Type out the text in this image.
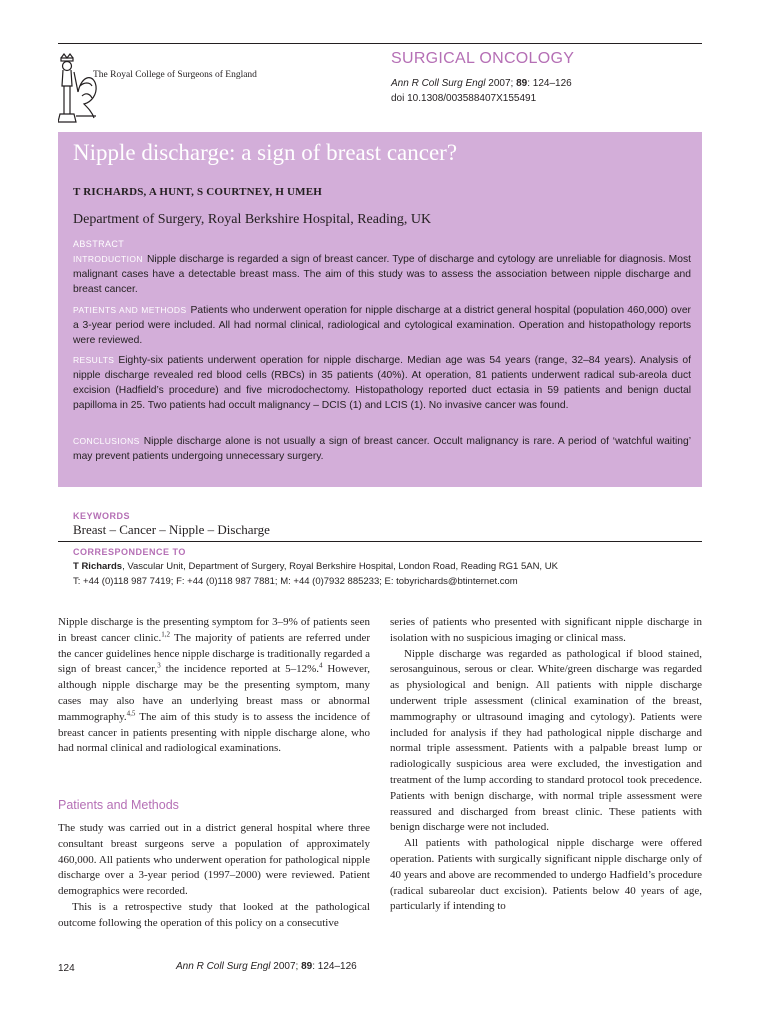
The Royal College of Surgeons of England
SURGICAL ONCOLOGY
Ann R Coll Surg Engl 2007; 89: 124–126
doi 10.1308/003588407X155491
Nipple discharge: a sign of breast cancer?
T RICHARDS, A HUNT, S COURTNEY, H UMEH
Department of Surgery, Royal Berkshire Hospital, Reading, UK
ABSTRACT
INTRODUCTION Nipple discharge is regarded a sign of breast cancer. Type of discharge and cytology are unreliable for diagnosis. Most malignant cases have a detectable breast mass. The aim of this study was to assess the association between nipple discharge and breast cancer.
PATIENTS AND METHODS Patients who underwent operation for nipple discharge at a district general hospital (population 460,000) over a 3-year period were included. All had normal clinical, radiological and cytological examination. Operation and histopathology reports were reviewed.
RESULTS Eighty-six patients underwent operation for nipple discharge. Median age was 54 years (range, 32–84 years). Analysis of nipple discharge revealed red blood cells (RBCs) in 35 patients (40%). At operation, 81 patients underwent radical sub-areola duct excision (Hadfield’s procedure) and five microdochectomy. Histopathology reported duct ectasia in 59 patients and benign ductal papilloma in 25. Two patients had occult malignancy – DCIS (1) and LCIS (1). No invasive cancer was found.
CONCLUSIONS Nipple discharge alone is not usually a sign of breast cancer. Occult malignancy is rare. A period of ‘watchful waiting’ may prevent patients undergoing unnecessary surgery.
KEYWORDS
Breast – Cancer – Nipple – Discharge
CORRESPONDENCE TO
T Richards, Vascular Unit, Department of Surgery, Royal Berkshire Hospital, London Road, Reading RG1 5AN, UK
T: +44 (0)118 987 7419; F: +44 (0)118 987 7881; M: +44 (0)7932 885233; E: tobyrichards@btinternet.com

Nipple discharge is the presenting symptom for 3–9% of patients seen in breast cancer clinic.$^{1,2}$ The majority of patients are referred under the cancer guidelines hence nipple discharge is traditionally regarded a sign of breast cancer,$^3$ the incidence reported at 5–12%.$^4$ However, although nipple discharge may be the presenting symptom, many cases may also have an underlying breast mass or abnormal mammography.$^{4,5}$ The aim of this study is to assess the incidence of breast cancer in patients presenting with nipple discharge alone, who had normal clinical and radiological examinations.

Patients and Methods

The study was carried out in a district general hospital where three consultant breast surgeons serve a population of approximately 460,000. All patients who underwent operation for pathological nipple discharge over a 3-year period (1997–2000) were reviewed. Patient demographics were recorded.

This is a retrospective study that looked at the pathological outcome following the operation of this policy on a consecutive

series of patients who presented with significant nipple discharge in isolation with no suspicious imaging or clinical mass.

Nipple discharge was regarded as pathological if blood stained, serosanguinous, serous or clear. White/green discharge was regarded as physiological and benign. All patients with nipple discharge underwent triple assessment (clinical examination of the breast, mammography or ultrasound imaging and cytology). Patients were included for analysis if they had pathological nipple discharge and normal triple assessment. Patients with a palpable breast lump or radiologically suspicious area were excluded, the investigation and treatment of the lump according to standard protocol took precedence. Patients with benign discharge, with normal triple assessment were reassured and discharged from breast clinic. These patients with benign discharge were not included.

All patients with pathological nipple discharge were offered operation. Patients with surgically significant nipple discharge only of 40 years and above are recommended to undergo Hadfield’s procedure (radical subareolar duct excision). Patients below 40 years of age, particularly if intending to

124	Ann R Coll Surg Engl 2007; 89: 124–126
